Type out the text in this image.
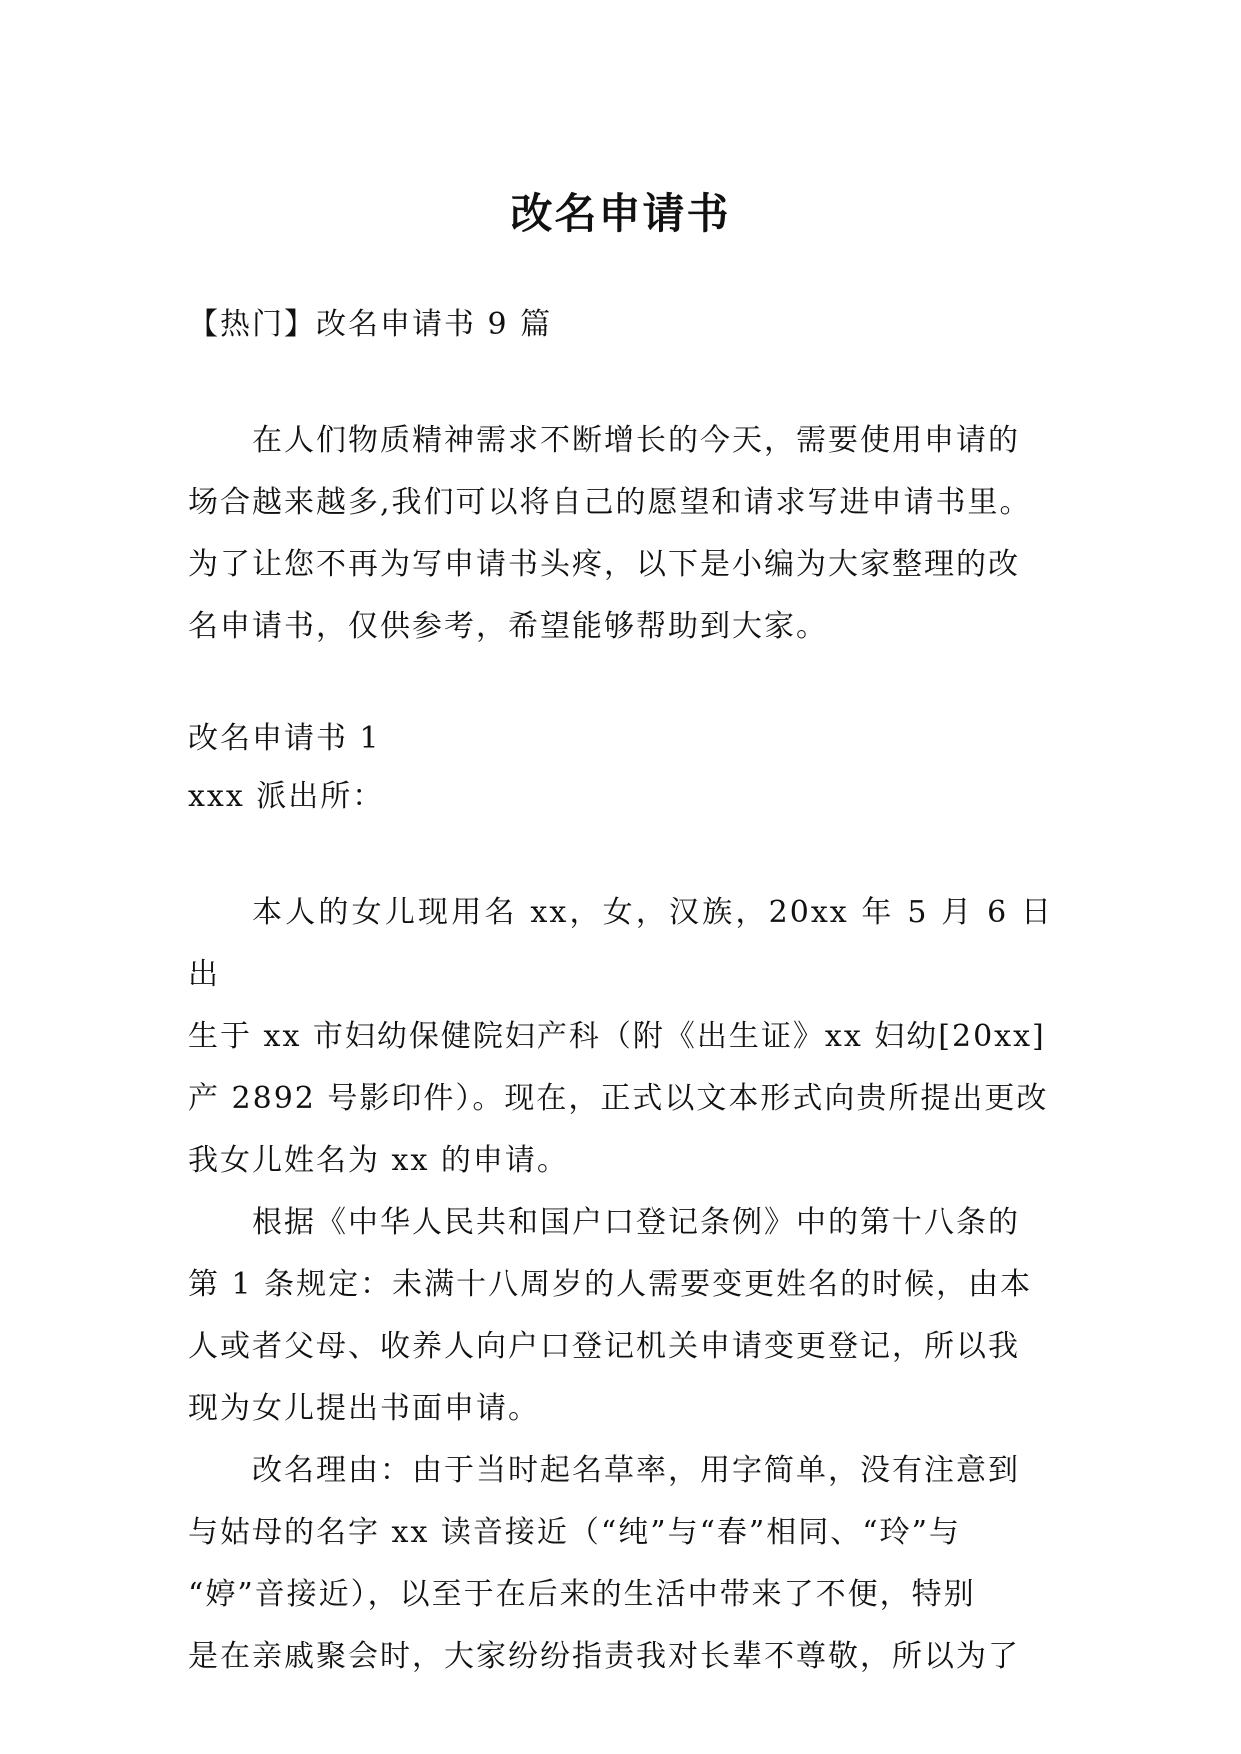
改名申请书

【热门】改名申请书 9 篇

在人们物质精神需求不断增长的今天，需要使用申请的

场合越来越多,我们可以将自己的愿望和请求写进申请书里。

为了让您不再为写申请书头疼，以下是小编为大家整理的改

名申请书，仅供参考，希望能够帮助到大家。

改名申请书 1

xxx 派出所：

本人的女儿现用名 xx，女，汉族，20xx 年 5 月 6 日出

生于 xx 市妇幼保健院妇产科（附《出生证》xx 妇幼[20xx]

产 2892 号影印件）。现在，正式以文本形式向贵所提出更改

我女儿姓名为 xx 的申请。

根据《中华人民共和国户口登记条例》中的第十八条的

第 1 条规定：未满十八周岁的人需要变更姓名的时候，由本

人或者父母、收养人向户口登记机关申请变更登记，所以我

现为女儿提出书面申请。

改名理由：由于当时起名草率，用字简单，没有注意到

与姑母的名字 xx 读音接近（“纯”与“春”相同、“玲”与

“婷”音接近），以至于在后来的生活中带来了不便，特别

是在亲戚聚会时，大家纷纷指责我对长辈不尊敬，所以为了
